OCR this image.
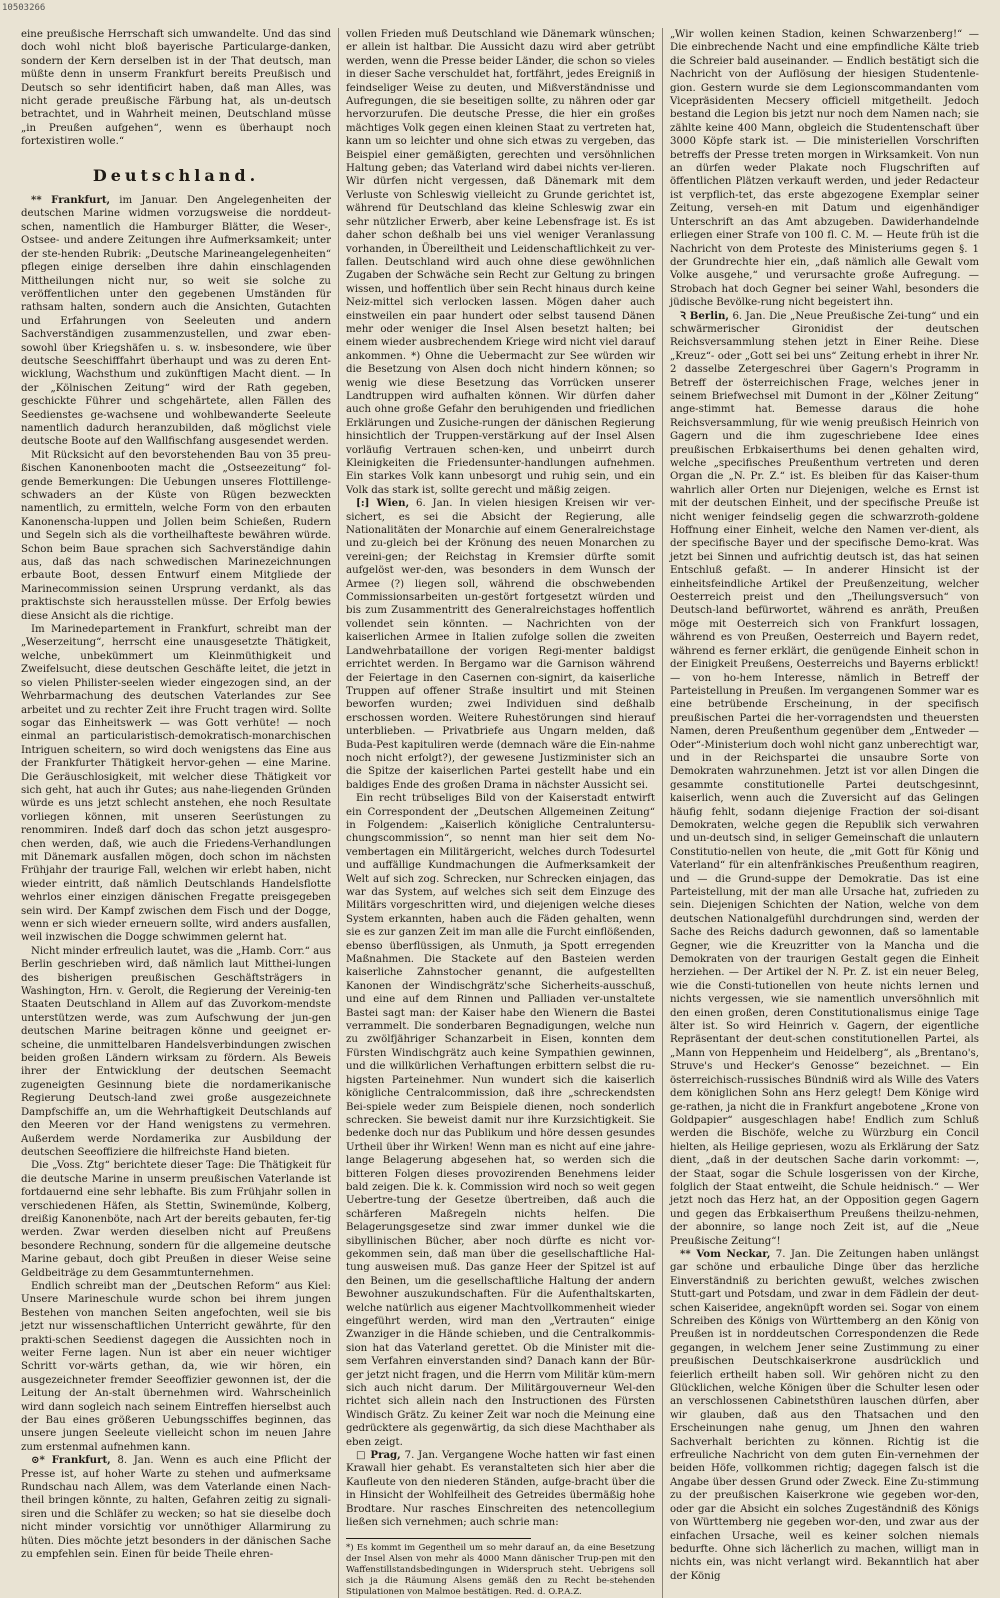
10503266

eine preußische Herrschaft sich umwandelte. Und das sind doch wohl nicht bloß bayerische Particularge-danken, sondern der Kern derselben ist in der That deutsch, man müßte denn in unserm Frankfurt bereits Preußisch und Deutsch so sehr identificirt haben, daß man Alles, was nicht gerade preußische Färbung hat, als un-deutsch betrachtet, und in Wahrheit meinen, Deutschland müsse „in Preußen aufgehen“, wenn es überhaupt noch fortexistiren wolle.“

Deutschland.

** Frankfurt, im Januar. Den Angelegenheiten der deutschen Marine widmen vorzugsweise die norddeut-schen, namentlich die Hamburger Blätter, die Weser-, Ostsee- und andere Zeitungen ihre Aufmerksamkeit; unter der ste-henden Rubrik: „Deutsche Marineangelegenheiten“ pflegen einige derselben ihre dahin einschlagenden Mittheilungen nicht nur, so weit sie solche zu veröffentlichen unter den gegebenen Umständen für rathsam halten, sondern auch die Ansichten, Gutachten und Erfahrungen von Seeleuten und andern Sachverständigen zusammenzustellen, und zwar eben-sowohl über Kriegshäfen u. s. w. insbesondere, wie über deutsche Seeschifffahrt überhaupt und was zu deren Ent-wicklung, Wachsthum und zukünftigen Macht dient. — In der „Kölnischen Zeitung“ wird der Rath gegeben, geschickte Führer und schgehärtete, allen Fällen des Seedienstes ge-wachsene und wohlbewanderte Seeleute namentlich dadurch heranzubilden, daß möglichst viele deutsche Boote auf den Wallfischfang ausgesendet werden.

Mit Rücksicht auf den bevorstehenden Bau von 35 preu-ßischen Kanonenbooten macht die „Ostseezeitung“ fol-gende Bemerkungen: Die Uebungen unseres Flottillenge-schwaders an der Küste von Rügen bezweckten namentlich, zu ermitteln, welche Form von den erbauten Kanonenscha-luppen und Jollen beim Schießen, Rudern und Segeln sich als die vortheilhafteste bewähren würde. Schon beim Baue sprachen sich Sachverständige dahin aus, daß das nach schwedischen Marinezeichnungen erbaute Boot, dessen Entwurf einem Mitgliede der Marinecommission seinen Ursprung verdankt, als das praktischste sich herausstellen müsse. Der Erfolg bewies diese Ansicht als die richtige.

Im Marinedepartement in Frankfurt, schreibt man der „Weserzeitung“, herrscht eine unausgesetzte Thätigkeit, welche, unbekümmert um Kleinmüthigkeit und Zweifelsucht, diese deutschen Geschäfte leitet, die jetzt in so vielen Philister-seelen wieder eingezogen sind, an der Wehrbarmachung des deutschen Vaterlandes zur See arbeitet und zu rechter Zeit ihre Frucht tragen wird. Sollte sogar das Einheitswerk — was Gott verhüte! — noch einmal an particularistisch-demokratisch-monarchischen Intriguen scheitern, so wird doch wenigstens das Eine aus der Frankfurter Thätigkeit hervor-gehen — eine Marine. Die Geräuschlosigkeit, mit welcher diese Thätigkeit vor sich geht, hat auch ihr Gutes; aus nahe-liegenden Gründen würde es uns jetzt schlecht anstehen, ehe noch Resultate vorliegen können, mit unseren Seerüstungen zu renommiren. Indeß darf doch das schon jetzt ausgespro-chen werden, daß, wie auch die Friedens-Verhandlungen mit Dänemark ausfallen mögen, doch schon im nächsten Frühjahr der traurige Fall, welchen wir erlebt haben, nicht wieder eintritt, daß nämlich Deutschlands Handelsflotte wehrlos einer einzigen dänischen Fregatte preisgegeben sein wird. Der Kampf zwischen dem Fisch und der Dogge, wenn er sich wieder erneuern sollte, wird anders ausfallen, weil inzwischen die Dogge schwimmen gelernt hat.

Nicht minder erfreulich lautet, was die „Hamb. Corr.“ aus Berlin geschrieben wird, daß nämlich laut Mitthei-lungen des bisherigen preußischen Geschäftsträgers in Washington, Hrn. v. Gerolt, die Regierung der Vereinig-ten Staaten Deutschland in Allem auf das Zuvorkom-mendste unterstützen werde, was zum Aufschwung der jun-gen deutschen Marine beitragen könne und geeignet er-scheine, die unmittelbaren Handelsverbindungen zwischen beiden großen Ländern wirksam zu fördern. Als Beweis ihrer der Entwicklung der deutschen Seemacht zugeneigten Gesinnung biete die nordamerikanische Regierung Deutsch-land zwei große ausgezeichnete Dampfschiffe an, um die Wehrhaftigkeit Deutschlands auf den Meeren vor der Hand wenigstens zu vermehren. Außerdem werde Nordamerika zur Ausbildung der deutschen Seeoffiziere die hilfreichste Hand bieten.

Die „Voss. Ztg“ berichtete dieser Tage: Die Thätigkeit für die deutsche Marine in unserm preußischen Vaterlande ist fortdauernd eine sehr lebhafte. Bis zum Frühjahr sollen in verschiedenen Häfen, als Stettin, Swinemünde, Kolberg, dreißig Kanonenböte, nach Art der bereits gebauten, fer-tig werden. Zwar werden dieselben nicht auf Preußens besondere Rechnung, sondern für die allgemeine deutsche Marine gebaut, doch gibt Preußen in dieser Weise seine Geldbeiträge zu dem Gesammtunternehmen.

Endlich schreibt man der „Deutschen Reform“ aus Kiel: Unsere Marineschule wurde schon bei ihrem jungen Bestehen von manchen Seiten angefochten, weil sie bis jetzt nur wissenschaftlichen Unterricht gewährte, für den prakti-schen Seedienst dagegen die Aussichten noch in weiter Ferne lagen. Nun ist aber ein neuer wichtiger Schritt vor-wärts gethan, da, wie wir hören, ein ausgezeichneter fremder Seeoffizier gewonnen ist, der die Leitung der An-stalt übernehmen wird. Wahrscheinlich wird dann sogleich nach seinem Eintreffen hierselbst auch der Bau eines größeren Uebungsschiffes beginnen, das unsere jungen Seeleute vielleicht schon im neuen Jahre zum erstenmal aufnehmen kann.

⊙* Frankfurt, 8. Jan. Wenn es auch eine Pflicht der Presse ist, auf hoher Warte zu stehen und aufmerksame Rundschau nach Allem, was dem Vaterlande einen Nach-theil bringen könnte, zu halten, Gefahren zeitig zu signali-siren und die Schläfer zu wecken; so hat sie dieselbe doch nicht minder vorsichtig vor unnöthiger Allarmirung zu hüten. Dies möchte jetzt besonders in der dänischen Sache zu empfehlen sein. Einen für beide Theile ehren-

vollen Frieden muß Deutschland wie Dänemark wünschen; er allein ist haltbar. Die Aussicht dazu wird aber getrübt werden, wenn die Presse beider Länder, die schon so vieles in dieser Sache verschuldet hat, fortfährt, jedes Ereigniß in feindseliger Weise zu deuten, und Mißverständnisse und Aufregungen, die sie beseitigen sollte, zu nähren oder gar hervorzurufen. Die deutsche Presse, die hier ein großes mächtiges Volk gegen einen kleinen Staat zu vertreten hat, kann um so leichter und ohne sich etwas zu vergeben, das Beispiel einer gemäßigten, gerechten und versöhnlichen Haltung geben; das Vaterland wird dabei nichts ver-lieren. Wir dürfen nicht vergessen, daß Dänemark mit dem Verluste von Schleswig vielleicht zu Grunde gerichtet ist, während für Deutschland das kleine Schleswig zwar ein sehr nützlicher Erwerb, aber keine Lebensfrage ist. Es ist daher schon deßhalb bei uns viel weniger Veranlassung vorhanden, in Übereiltheit und Leidenschaftlichkeit zu ver-fallen. Deutschland wird auch ohne diese gewöhnlichen Zugaben der Schwäche sein Recht zur Geltung zu bringen wissen, und hoffentlich über sein Recht hinaus durch keine Neiz-mittel sich verlocken lassen. Mögen daher auch einstweilen ein paar hundert oder selbst tausend Dänen mehr oder weniger die Insel Alsen besetzt halten; bei einem wieder ausbrechendem Kriege wird nicht viel darauf ankommen. *) Ohne die Uebermacht zur See würden wir die Besetzung von Alsen doch nicht hindern können; so wenig wie diese Besetzung das Vorrücken unserer Landtruppen wird aufhalten können. Wir dürfen daher auch ohne große Gefahr den beruhigenden und friedlichen Erklärungen und Zusiche-rungen der dänischen Regierung hinsichtlich der Truppen-verstärkung auf der Insel Alsen vorläufig Vertrauen schen-ken, und unbeirrt durch Kleinigkeiten die Friedensunter-handlungen aufnehmen. Ein starkes Volk kann unbesorgt und ruhig sein, und ein Volk das stark ist, sollte gerecht und mäßig zeigen.

[:] Wien, 6. Jan. In vielen hiesigen Kreisen wir ver-sichert, es sei die Absicht der Regierung, alle Nationalitäten der Monarchie auf einem Generalreichstage und zu-gleich bei der Krönung des neuen Monarchen zu vereini-gen; der Reichstag in Kremsier dürfte somit aufgelöst wer-den, was besonders in dem Wunsch der Armee (?) liegen soll, während die obschwebenden Commissionsarbeiten un-gestört fortgesetzt würden und bis zum Zusammentritt des Generalreichstages hoffentlich vollendet sein könnten. — Nachrichten von der kaiserlichen Armee in Italien zufolge sollen die zweiten Landwehrbataillone der vorigen Regi-menter baldigst errichtet werden. In Bergamo war die Garnison während der Feiertage in den Casernen con-signirt, da kaiserliche Truppen auf offener Straße insultirt und mit Steinen beworfen wurden; zwei Individuen sind deßhalb erschossen worden. Weitere Ruhestörungen sind hierauf unterblieben. — Privatbriefe aus Ungarn melden, daß Buda-Pest kapituliren werde (demnach wäre die Ein-nahme noch nicht erfolgt?), der gewesene Justizminister sich an die Spitze der kaiserlichen Partei gestellt habe und ein baldiges Ende des großen Drama in nächster Aussicht sei.

Ein recht trübseliges Bild von der Kaiserstadt entwirft ein Correspondent der „Deutschen Allgemeinen Zeitung“ in Folgendem: „Kaiserlich königliche Centraluntersu-chungscommission“, so nennt man hier seit dem No-vembertagen ein Militärgericht, welches durch Todesurtel und auffällige Kundmachungen die Aufmerksamkeit der Welt auf sich zog. Schrecken, nur Schrecken einjagen, das war das System, auf welches sich seit dem Einzuge des Militärs vorgeschritten wird, und diejenigen welche dieses System erkannten, haben auch die Fäden gehalten, wenn sie es zur ganzen Zeit im man alle die Furcht einflößenden, ebenso überflüssigen, als Unmuth, ja Spott erregenden Maßnahmen. Die Stackete auf den Basteien werden kaiserliche Zahnstocher genannt, die aufgestellten Kanonen der Windischgrätz'sche Sicherheits-ausschuß, und eine auf dem Rinnen und Palliaden ver-unstaltete Bastei sagt man: der Kaiser habe den Wienern die Bastei verrammelt. Die sonderbaren Begnadigungen, welche nun zu zwölfjähriger Schanzarbeit in Eisen, konnten dem Fürsten Windischgrätz auch keine Sympathien gewinnen, und die willkürlichen Verhaftungen erbittern selbst die ru-higsten Parteinehmer. Nun wundert sich die kaiserlich königliche Centralcommission, daß ihre „schreckendsten Bei-spiele weder zum Beispiele dienen, noch sonderlich schrecken. Sie beweist damit nur ihre Kurzsichtigkeit. Sie bedenke doch nur das Publikum und höre dessen gesundes Urtheil über ihr Wirken! Wenn man es nicht auf eine jahre-lange Belagerung abgesehen hat, so werden sich die bitteren Folgen dieses provozirenden Benehmens leider bald zeigen. Die k. k. Commission wird noch so weit gegen Uebertre-tung der Gesetze übertreiben, daß auch die schärferen Maßregeln nichts helfen. Die Belagerungsgesetze sind zwar immer dunkel wie die sibyllinischen Bücher, aber noch dürfte es nicht vor-gekommen sein, daß man über die gesellschaftliche Hal-tung ausweisen muß. Das ganze Heer der Spitzel ist auf den Beinen, um die gesellschaftliche Haltung der andern Bewohner auszukundschaften. Für die Aufenthaltskarten, welche natürlich aus eigener Machtvollkommenheit wieder eingeführt werden, wird man den „Vertrauten“ einige Zwanziger in die Hände schieben, und die Centralkommis-sion hat das Vaterland gerettet. Ob die Minister mit die-sem Verfahren einverstanden sind? Danach kann der Bür-ger jetzt nicht fragen, und die Herrn vom Militär küm-mern sich auch nicht darum. Der Militärgouverneur Wel-den richtet sich allein nach den Instructionen des Fürsten Windisch Grätz. Zu keiner Zeit war noch die Meinung eine gedrücktere als gegenwärtig, da sich diese Machthaber als eben zeigt.

□ Prag, 7. Jan. Vergangene Woche hatten wir fast einen Krawall hier gehabt. Es veranstalteten sich hier aber die Kaufleute von den niederen Ständen, aufge-bracht über die in Hinsicht der Wohlfeilheit des Getreides übermäßig hohe Brodtare. Nur rasches Einschreiten des netencollegium ließen sich vernehmen; auch schrie man:

*) Es kommt im Gegentheil um so mehr darauf an, da eine Besetzung der Insel Alsen von mehr als 4000 Mann dänischer Trup-pen mit den Waffenstillstandsbedingungen in Widerspruch steht. Uebrigens soll sich ja die Räumung Alsens gemäß den zu Recht be-stehenden Stipulationen von Malmoe bestätigen. Red. d. O.P.A.Z.

„Wir wollen keinen Stadion, keinen Schwarzenberg!“ — Die einbrechende Nacht und eine empfindliche Kälte trieb die Schreier bald auseinander. — Endlich bestätigt sich die Nachricht von der Auflösung der hiesigen Studentenle-gion. Gestern wurde sie dem Legionscommandanten vom Vicepräsidenten Mecsery officiell mitgetheilt. Jedoch bestand die Legion bis jetzt nur noch dem Namen nach; sie zählte keine 400 Mann, obgleich die Studentenschaft über 3000 Köpfe stark ist. — Die ministeriellen Vorschriften betreffs der Presse treten morgen in Wirksamkeit. Von nun an dürfen weder Plakate noch Flugschriften auf öffentlichen Plätzen verkauft werden, und jeder Redacteur ist verpflich-tet, das erste abgezogene Exemplar seiner Zeitung, verseh-en mit Datum und eigenhändiger Unterschrift an das Amt abzugeben. Dawiderhandelnde erliegen einer Strafe von 100 fl. C. M. — Heute früh ist die Nachricht von dem Proteste des Ministeriums gegen §. 1 der Grundrechte hier ein, „daß nämlich alle Gewalt vom Volke ausgehe,“ und verursachte große Aufregung. — Strobach hat doch Gegner bei seiner Wahl, besonders die jüdische Bevölke-rung nicht begeistert ihn.

Ꝛ Berlin, 6. Jan. Die „Neue Preußische Zei-tung“ und ein schwärmerischer Gironidist der deutschen Reichsversammlung stehen jetzt in Einer Reihe. Diese „Kreuz“- oder „Gott sei bei uns“ Zeitung erhebt in ihrer Nr. 2 dasselbe Zetergeschrei über Gagern's Programm in Betreff der österreichischen Frage, welches jener in seinem Briefwechsel mit Dumont in der „Kölner Zeitung“ ange-stimmt hat. Bemesse daraus die hohe Reichsversammlung, für wie wenig preußisch Heinrich von Gagern und die ihm zugeschriebene Idee eines preußischen Erbkaiserthums bei denen gehalten wird, welche „specifisches Preußenthum vertreten und deren Organ die „N. Pr. Z.“ ist. Es bleiben für das Kaiser-thum wahrlich aller Orten nur Diejenigen, welche es Ernst ist mit der deutschen Einheit, und der specifische Preuße ist nicht weniger feindselig gegen die schwarzroth-goldene Hoffnung einer Einheit, welche den Namen ver-dient, als der specifische Bayer und der specifische Demo-krat. Was jetzt bei Sinnen und aufrichtig deutsch ist, das hat seinen Entschluß gefaßt. — In anderer Hinsicht ist der einheitsfeindliche Artikel der Preußenzeitung, welcher Oesterreich preist und den „Theilungsversuch“ von Deutsch-land befürwortet, während es anräth, Preußen möge mit Oesterreich sich von Frankfurt lossagen, während es von Preußen, Oesterreich und Bayern redet, während es ferner erklärt, die genügende Einheit schon in der Einigkeit Preußens, Oesterreichs und Bayerns erblickt! — von ho-hem Interesse, nämlich in Betreff der Parteistellung in Preußen. Im vergangenen Sommer war es eine betrübende Erscheinung, in der specifisch preußischen Partei die her-vorragendsten und theuersten Namen, deren Preußenthum gegenüber dem „Entweder — Oder“-Ministerium doch wohl nicht ganz unberechtigt war, und in der Reichspartei die unsaubre Sorte von Demokraten wahrzunehmen. Jetzt ist vor allen Dingen die gesammte constitutionelle Partei deutschgesinnt, kaiserlich, wenn auch die Zuversicht auf das Gelingen häufig fehlt, sodann diejenige Fraction der soi-disant Demokraten, welche gegen die Republik sich verwahren und un-deutsch sind, in seliger Gemeinschaft die unlautern Constitutio-nellen von heute, die „mit Gott für König und Vaterland“ für ein altenfränkisches Preußenthum reagiren, und — die Grund-suppe der Demokratie. Das ist eine Parteistellung, mit der man alle Ursache hat, zufrieden zu sein. Diejenigen Schichten der Nation, welche von dem deutschen Nationalgefühl durchdrungen sind, werden der Sache des Reichs dadurch gewonnen, daß so lamentable Gegner, wie die Kreuzritter von la Mancha und die Demokraten von der traurigen Gestalt gegen die Einheit herziehen. — Der Artikel der N. Pr. Z. ist ein neuer Beleg, wie die Consti-tutionellen von heute nichts lernen und nichts vergessen, wie sie namentlich unversöhnlich mit den einen großen, deren Constitutionalismus einige Tage älter ist. So wird Heinrich v. Gagern, der eigentliche Repräsentant der deut-schen constitutionellen Partei, als „Mann von Heppenheim und Heidelberg“, als „Brentano's, Struve's und Hecker's Genosse“ bezeichnet. — Ein österreichisch-russisches Bündniß wird als Wille des Vaters dem königlichen Sohn ans Herz gelegt! Dem Könige wird ge-rathen, ja nicht die in Frankfurt angebotene „Krone von Goldpapier“ ausgeschlagen habe! Endlich zum Schluß werden die Bischöfe, welche zu Würzburg ein Concil hielten, als Heilige gepriesen, wozu als Erklärung der Satz dient, „daß in der deutschen Sache darin vorkommt: —, der Staat, sogar die Schule losgerissen von der Kirche, folglich der Staat entweiht, die Schule heidnisch.“ — Wer jetzt noch das Herz hat, an der Opposition gegen Gagern und gegen das Erbkaiserthum Preußens theilzu-nehmen, der abonnire, so lange noch Zeit ist, auf die „Neue Preußische Zeitung“!

** Vom Neckar, 7. Jan. Die Zeitungen haben unlängst gar schöne und erbauliche Dinge über das herzliche Einverständniß zu berichten gewußt, welches zwischen Stutt-gart und Potsdam, und zwar in dem Fädlein der deut-schen Kaiseridee, angeknüpft worden sei. Sogar von einem Schreiben des Königs von Württemberg an den König von Preußen ist in norddeutschen Correspondenzen die Rede gegangen, in welchem Jener seine Zustimmung zu einer preußischen Deutschkaiserkrone ausdrücklich und feierlich ertheilt haben soll. Wir gehören nicht zu den Glücklichen, welche Königen über die Schulter lesen oder an verschlossenen Cabinetsthüren lauschen dürfen, aber wir glauben, daß aus den Thatsachen und den Erscheinungen nahe genug, um Jhnen den wahren Sachverhalt berichten zu können. Richtig ist die erfreuliche Nachricht von dem guten Ein-vernehmen der beiden Höfe, vollkommen richtig; dagegen falsch ist die Angabe über dessen Grund oder Zweck. Eine Zu-stimmung zu der preußischen Kaiserkrone wie gegeben wor-den, oder gar die Absicht ein solches Zugeständniß des Königs von Württemberg nie gegeben wor-den, und zwar aus der einfachen Ursache, weil es keiner solchen niemals bedurfte. Ohne sich lächerlich zu machen, willigt man in nichts ein, was nicht verlangt wird. Bekanntlich hat aber der König
